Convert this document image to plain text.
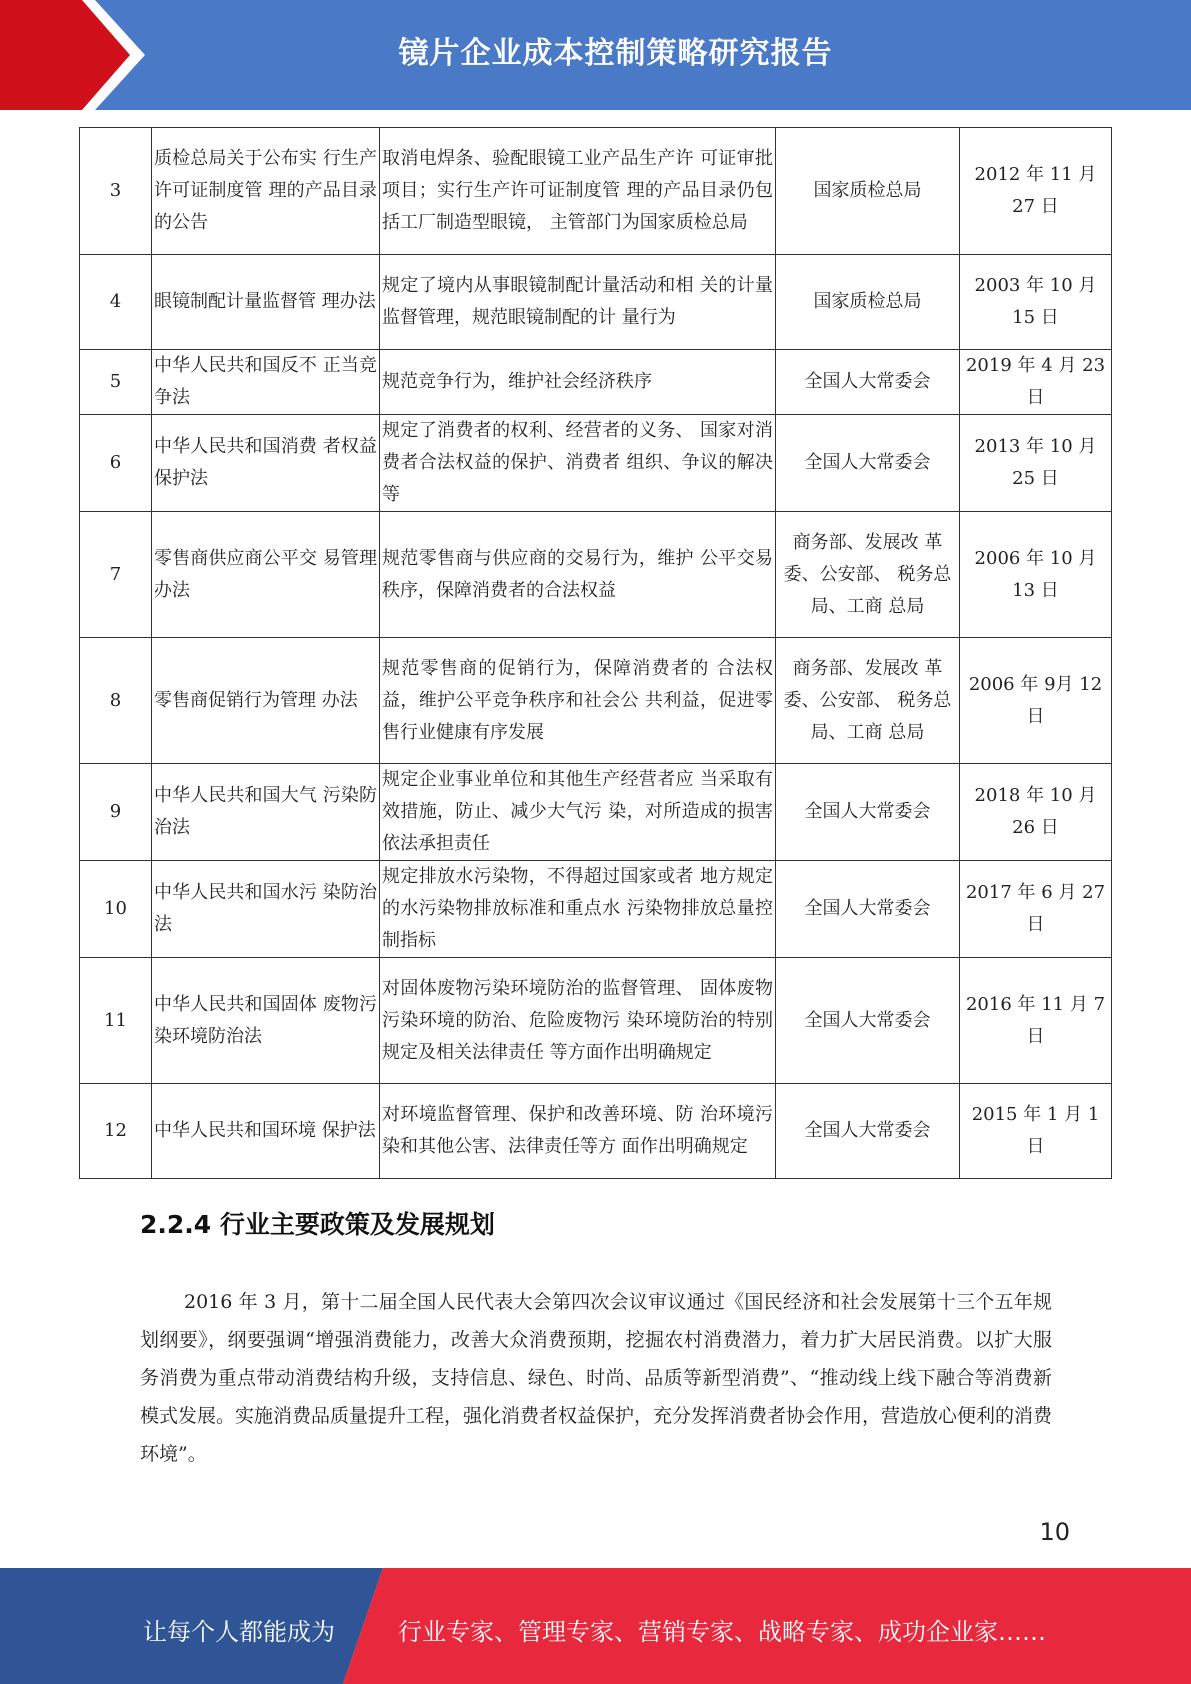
镜片企业成本控制策略研究报告
3	质检总局关于公布实 行生产许可证制度管 理的产品目录的公告	取消电焊条、验配眼镜工业产品生产许 可证审批项目；实行生产许可证制度管 理的产品目录仍包括工厂制造型眼镜， 主管部门为国家质检总局	国家质检总局	2012 年 11 月 27 日
4	眼镜制配计量监督管 理办法	规定了境内从事眼镜制配计量活动和相 关的计量监督管理，规范眼镜制配的计 量行为	国家质检总局	2003 年 10 月 15 日
5	中华人民共和国反不 正当竞争法	规范竞争行为，维护社会经济秩序	全国人大常委会	2019 年 4 月 23 日
6	中华人民共和国消费 者权益保护法	规定了消费者的权利、经营者的义务、 国家对消费者合法权益的保护、消费者 组织、争议的解决等	全国人大常委会	2013 年 10 月 25 日
7	零售商供应商公平交 易管理办法	规范零售商与供应商的交易行为，维护 公平交易秩序，保障消费者的合法权益	商务部、发展改 革委、公安部、 税务总局、工商 总局	2006 年 10 月 13 日
8	零售商促销行为管理 办法	规范零售商的促销行为，保障消费者的 合法权益，维护公平竞争秩序和社会公 共利益，促进零售行业健康有序发展	商务部、发展改 革委、公安部、 税务总局、工商 总局	2006 年 9月 12 日
9	中华人民共和国大气 污染防治法	规定企业事业单位和其他生产经营者应 当采取有效措施，防止、减少大气污 染，对所造成的损害依法承担责任	全国人大常委会	2018 年 10 月 26 日
10	中华人民共和国水污 染防治法	规定排放水污染物，不得超过国家或者 地方规定的水污染物排放标准和重点水 污染物排放总量控制指标	全国人大常委会	2017 年 6 月 27 日
11	中华人民共和国固体 废物污染环境防治法	对固体废物污染环境防治的监督管理、 固体废物污染环境的防治、危险废物污 染环境防治的特别规定及相关法律责任 等方面作出明确规定	全国人大常委会	2016 年 11 月 7 日
12	中华人民共和国环境 保护法	对环境监督管理、保护和改善环境、防 治环境污染和其他公害、法律责任等方 面作出明确规定	全国人大常委会	2015 年 1 月 1 日
2.2.4 行业主要政策及发展规划

2016 年 3 月，第十二届全国人民代表大会第四次会议审议通过《国民经济和社会发展第十三个五年规划纲要》，纲要强调“增强消费能力，改善大众消费预期，挖掘农村消费潜力，着力扩大居民消费。以扩大服务消费为重点带动消费结构升级，支持信息、绿色、时尚、品质等新型消费”、“推动线上线下融合等消费新模式发展。实施消费品质量提升工程，强化消费者权益保护，充分发挥消费者协会作用，营造放心便利的消费环境”。

10
让每个人都能成为	行业专家、管理专家、营销专家、战略专家、成功企业家……
